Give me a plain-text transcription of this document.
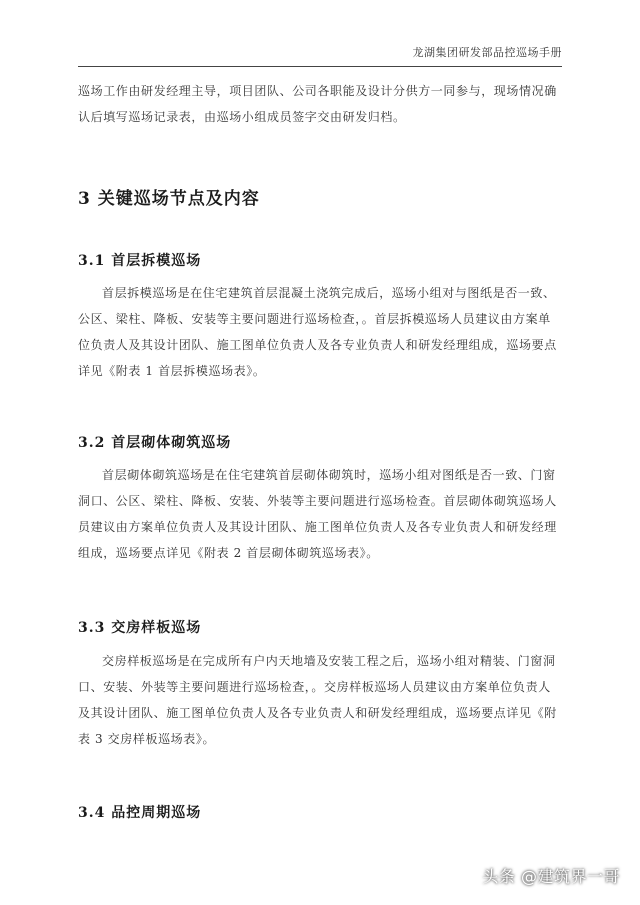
龙湖集团研发部品控巡场手册

巡场工作由研发经理主导，项目团队、公司各职能及设计分供方一同参与，现场情况确认后填写巡场记录表，由巡场小组成员签字交由研发归档。

3 关键巡场节点及内容
3.1 首层拆模巡场

首层拆模巡场是在住宅建筑首层混凝土浇筑完成后，巡场小组对与图纸是否一致、公区、梁柱、降板、安装等主要问题进行巡场检查，。首层拆模巡场人员建议由方案单位负责人及其设计团队、施工图单位负责人及各专业负责人和研发经理组成，巡场要点详见《附表 1 首层拆模巡场表》。

3.2 首层砌体砌筑巡场

首层砌体砌筑巡场是在住宅建筑首层砌体砌筑时，巡场小组对图纸是否一致、门窗洞口、公区、梁柱、降板、安装、外装等主要问题进行巡场检查。首层砌体砌筑巡场人员建议由方案单位负责人及其设计团队、施工图单位负责人及各专业负责人和研发经理组成，巡场要点详见《附表 2 首层砌体砌筑巡场表》。

3.3 交房样板巡场

交房样板巡场是在完成所有户内天地墙及安装工程之后，巡场小组对精装、门窗洞口、安装、外装等主要问题进行巡场检查，。交房样板巡场人员建议由方案单位负责人及其设计团队、施工图单位负责人及各专业负责人和研发经理组成，巡场要点详见《附表 3 交房样板巡场表》。

3.4 品控周期巡场
头条 @建筑界一哥
